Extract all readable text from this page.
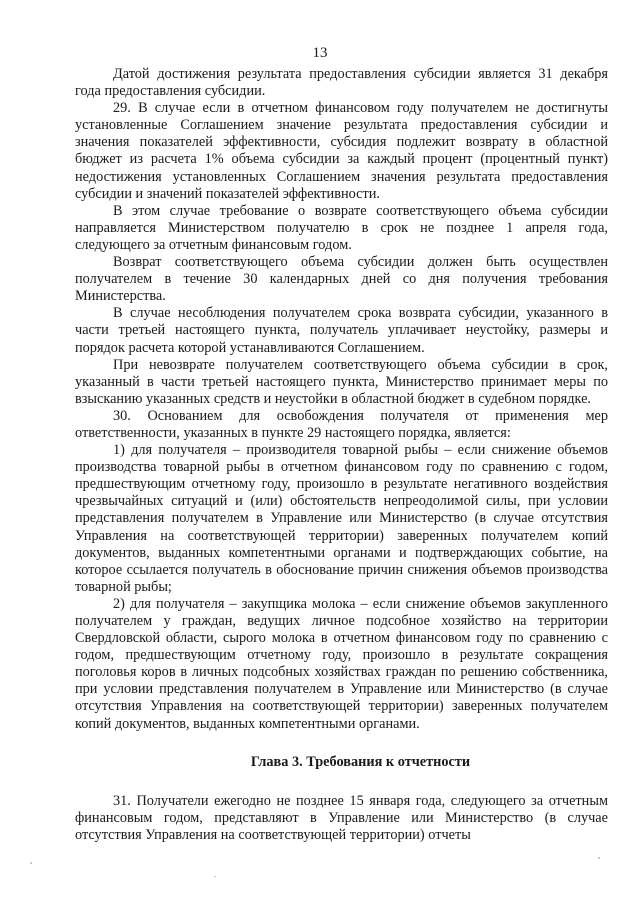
13

Датой достижения результата предоставления субсидии является 31 декабря года предоставления субсидии.

29. В случае если в отчетном финансовом году получателем не достигнуты установленные Соглашением значение результата предоставления субсидии и значения показателей эффективности, субсидия подлежит возврату в областной бюджет из расчета 1% объема субсидии за каждый процент (процентный пункт) недостижения установленных Соглашением значения результата предоставления субсидии и значений показателей эффективности.

В этом случае требование о возврате соответствующего объема субсидии направляется Министерством получателю в срок не позднее 1 апреля года, следующего за отчетным финансовым годом.

Возврат соответствующего объема субсидии должен быть осуществлен получателем в течение 30 календарных дней со дня получения требования Министерства.

В случае несоблюдения получателем срока возврата субсидии, указанного в части третьей настоящего пункта, получатель уплачивает неустойку, размеры и порядок расчета которой устанавливаются Соглашением.

При невозврате получателем соответствующего объема субсидии в срок, указанный в части третьей настоящего пункта, Министерство принимает меры по взысканию указанных средств и неустойки в областной бюджет в судебном порядке.

30. Основанием для освобождения получателя от применения мер ответственности, указанных в пункте 29 настоящего порядка, является:

1) для получателя – производителя товарной рыбы – если снижение объемов производства товарной рыбы в отчетном финансовом году по сравнению с годом, предшествующим отчетному году, произошло в результате негативного воздействия чрезвычайных ситуаций и (или) обстоятельств непреодолимой силы, при условии представления получателем в Управление или Министерство (в случае отсутствия Управления на соответствующей территории) заверенных получателем копий документов, выданных компетентными органами и подтверждающих событие, на которое ссылается получатель в обоснование причин снижения объемов производства товарной рыбы;

2) для получателя – закупщика молока – если снижение объемов закупленного получателем у граждан, ведущих личное подсобное хозяйство на территории Свердловской области, сырого молока в отчетном финансовом году по сравнению с годом, предшествующим отчетному году, произошло в результате сокращения поголовья коров в личных подсобных хозяйствах граждан по решению собственника, при условии представления получателем в Управление или Министерство (в случае отсутствия Управления на соответствующей территории) заверенных получателем копий документов, выданных компетентными органами.

Глава 3. Требования к отчетности

31. Получатели ежегодно не позднее 15 января года, следующего за отчетным финансовым годом, представляют в Управление или Министерство (в случае отсутствия Управления на соответствующей территории) отчеты
